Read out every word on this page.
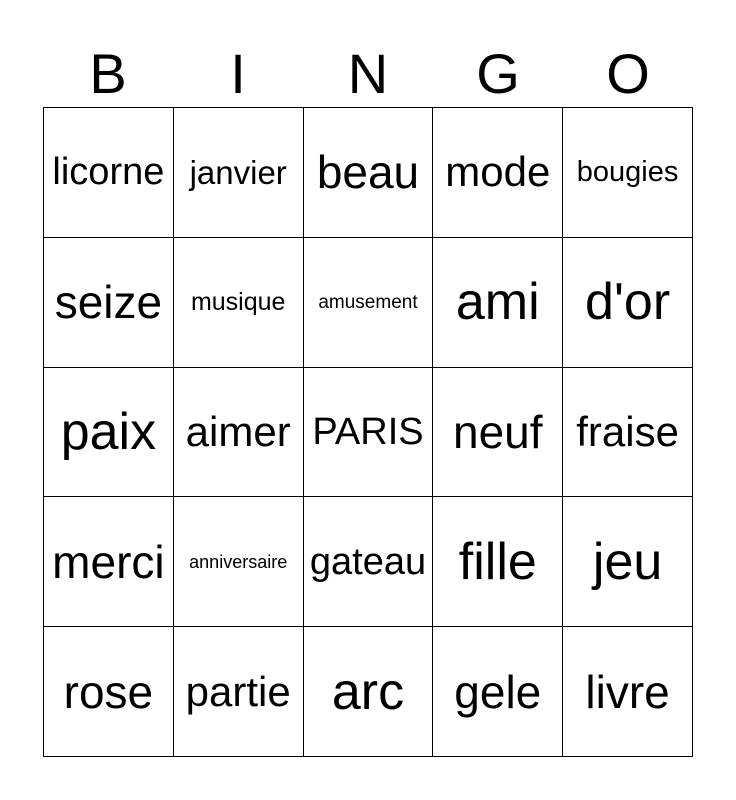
B	I	N	G	O
licorne janvier beau mode bougies
seize	musique	amusement ami d'or
paix aimer PARIS neuf fraise
merci	anniversaire gateau fille	jeu
rose partie arc	gele livre
